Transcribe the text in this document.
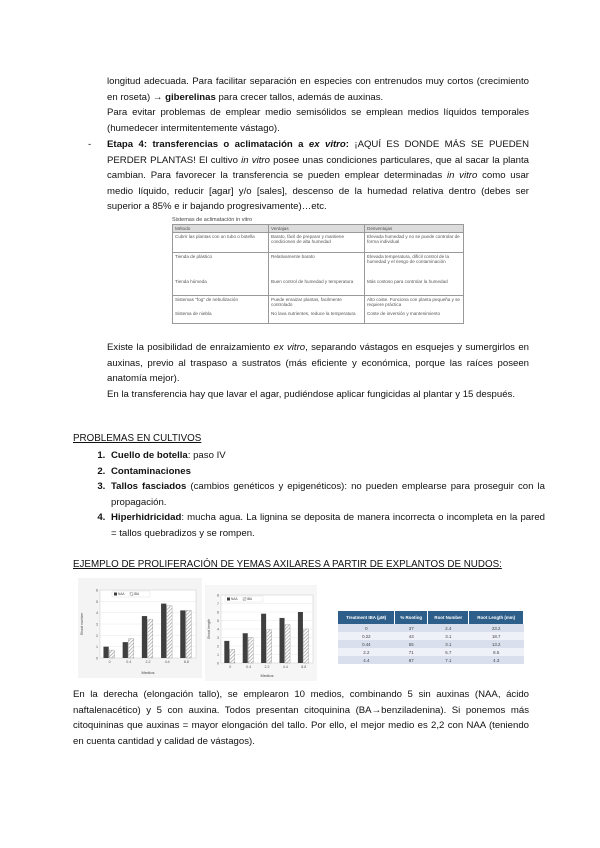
longitud adecuada. Para facilitar separación en especies con entrenudos muy cortos (crecimiento en roseta) → giberelinas para crecer tallos, además de auxinas.

Para evitar problemas de emplear medio semisólidos se emplean medios líquidos temporales (humedecer intermitentemente vástago).

- Etapa 4: transferencias o aclimatación a ex vitro: ¡AQUÍ ES DONDE MÁS SE PUEDEN PERDER PLANTAS! El cultivo in vitro posee unas condiciones particulares, que al sacar la planta cambian. Para favorecer la transferencia se pueden emplear determinadas in vitro como usar medio líquido, reducir [agar] y/o [sales], descenso de la humedad relativa dentro (debes ser superior a 85% e ir bajando progresivamente)…etc.
Sistemas de aclimatación in vitro
Método	Ventajas	Desventajas
Cubrir las plantas con un tubo o botella	Barato, fácil de preparar y mantiene condiciones de alta humedad	Elevada humedad y no se puede controlar de forma individual
Tienda de plástico	Relativamente barato	Elevada temperatura, difícil control de la humedad y el riesgo de contaminación
Tienda húmeda	Buen control de humedad y temperatura	Más costoso para controlar la humedad
Sistemas "fog" de nebulización	Puede enraizar plantas, facilmente controlado	Alto coste. Funciona con planta pequeña y se requiere práctica
Sistema de niebla	No lava nutrientes, reduce la temperatura	Coste de inversión y mantenimiento

Existe la posibilidad de enraizamiento ex vitro, separando vástagos en esquejes y sumergirlos en auxinas, previo al traspaso a sustratos (más eficiente y económica, porque las raíces poseen anatomía mejor).

En la transferencia hay que lavar el agar, pudiéndose aplicar fungicidas al plantar y 15 después.

PROBLEMAS EN CULTIVOS
1. Cuello de botella: paso IV
2. Contaminaciones
3. Tallos fasciados (cambios genéticos y epigenéticos): no pueden emplearse para proseguir con la propagación.
4. Hiperhidricidad: mucha agua. La lignina se deposita de manera incorrecta o incompleta en la pared = tallos quebradizos y se rompen.
EJEMPLO DE PROLIFERACIÓN DE YEMAS AXILARES A PARTIR DE EXPLANTOS DE NUDOS:
0
1
2
3
4
5
6
0	0.4	2.2	4.4	8.8
Medios
Shoot number
NAA	IBA
0
1
2
3
4
5
6
7
8
0	0.4	2.2	4.4	8.8
Medios
Shoot length
NAA	IBA
Treatment IBA (µM)	% Rooting	Root Number	Root Length (mm)
0	37	2.4	23.2
0.22	43	3.1	18.7
0.44	55	3.1	13.2
2.2	71	5.7	8.5
4.4	87	7.1	4.3
En la derecha (elongación tallo), se emplearon 10 medios, combinando 5 sin auxinas (NAA, ácido naftalenacético) y 5 con auxina. Todos presentan citoquinina (BA→benziladenina). Si ponemos más citoquininas que auxinas = mayor elongación del tallo. Por ello, el mejor medio es 2,2 con NAA (teniendo en cuenta cantidad y calidad de vástagos).
